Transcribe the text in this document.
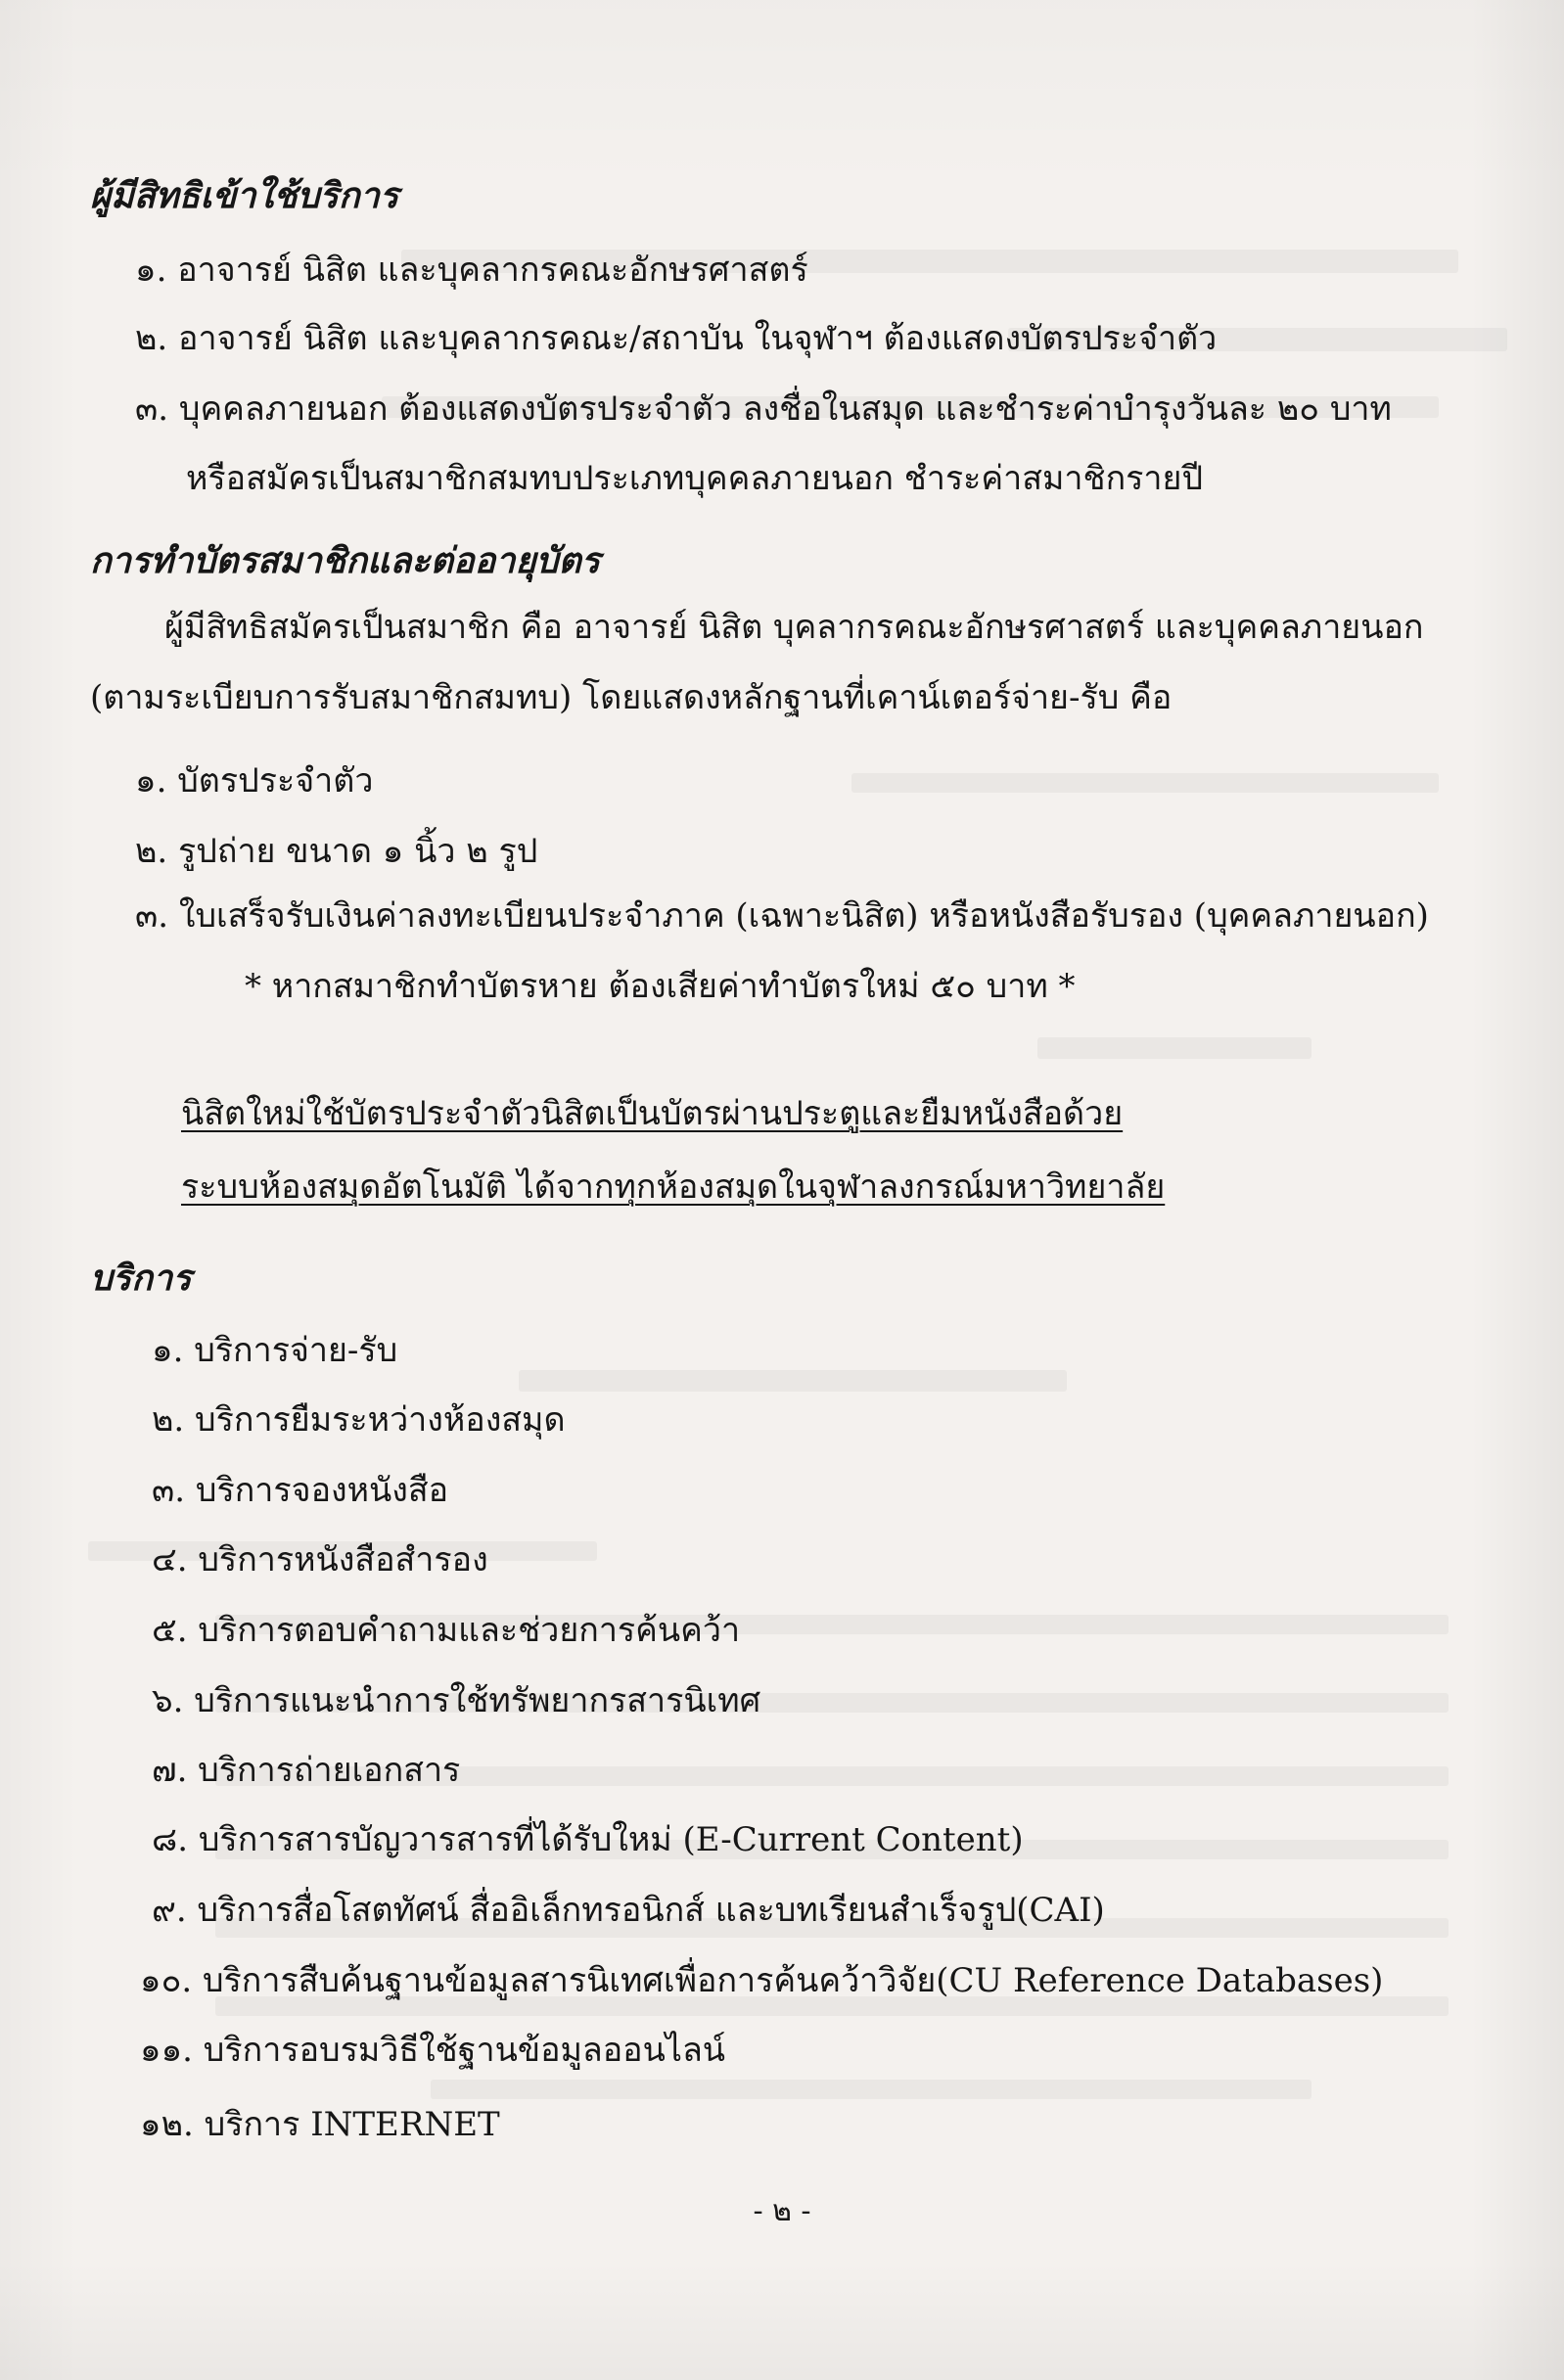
ผู้มีสิทธิเข้าใช้บริการ
๑. อาจารย์ นิสิต และบุคลากรคณะอักษรศาสตร์
๒. อาจารย์ นิสิต และบุคลากรคณะ/สถาบัน ในจุฬาฯ ต้องแสดงบัตรประจำตัว
๓. บุคคลภายนอก ต้องแสดงบัตรประจำตัว ลงชื่อในสมุด และชำระค่าบำรุงวันละ ๒๐ บาท
หรือสมัครเป็นสมาชิกสมทบประเภทบุคคลภายนอก ชำระค่าสมาชิกรายปี
การทำบัตรสมาชิกและต่ออายุบัตร
ผู้มีสิทธิสมัครเป็นสมาชิก คือ อาจารย์ นิสิต บุคลากรคณะอักษรศาสตร์ และบุคคลภายนอก
(ตามระเบียบการรับสมาชิกสมทบ) โดยแสดงหลักฐานที่เคาน์เตอร์จ่าย-รับ คือ
๑. บัตรประจำตัว
๒. รูปถ่าย ขนาด ๑ นิ้ว ๒ รูป
๓. ใบเสร็จรับเงินค่าลงทะเบียนประจำภาค (เฉพาะนิสิต) หรือหนังสือรับรอง (บุคคลภายนอก)
* หากสมาชิกทำบัตรหาย ต้องเสียค่าทำบัตรใหม่ ๕๐ บาท *
นิสิตใหม่ใช้บัตรประจำตัวนิสิตเป็นบัตรผ่านประตูและยืมหนังสือด้วย
ระบบห้องสมุดอัตโนมัติ ได้จากทุกห้องสมุดในจุฬาลงกรณ์มหาวิทยาลัย
บริการ
๑. บริการจ่าย-รับ
๒. บริการยืมระหว่างห้องสมุด
๓. บริการจองหนังสือ
๔. บริการหนังสือสำรอง
๕. บริการตอบคำถามและช่วยการค้นคว้า
๖. บริการแนะนำการใช้ทรัพยากรสารนิเทศ
๗. บริการถ่ายเอกสาร
๘. บริการสารบัญวารสารที่ได้รับใหม่ (E-Current Content)
๙. บริการสื่อโสตทัศน์ สื่ออิเล็กทรอนิกส์ และบทเรียนสำเร็จรูป(CAI)
๑๐. บริการสืบค้นฐานข้อมูลสารนิเทศเพื่อการค้นคว้าวิจัย(CU Reference Databases)
๑๑. บริการอบรมวิธีใช้ฐานข้อมูลออนไลน์
๑๒. บริการ INTERNET
- ๒ -
